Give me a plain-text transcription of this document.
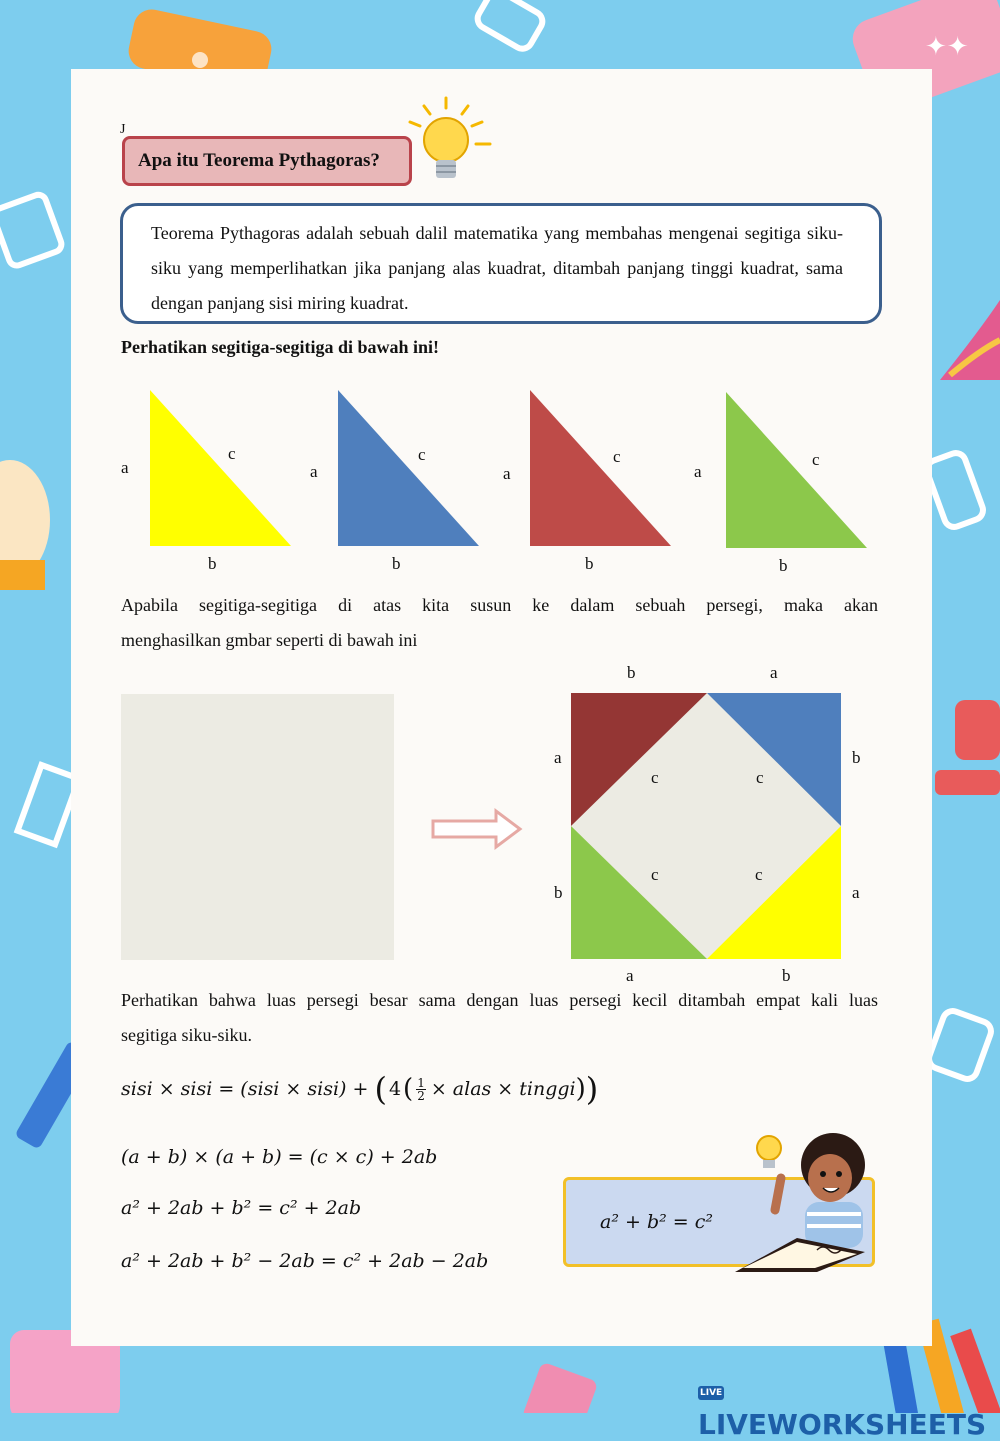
✦✦
J
Apa itu Teorema Pythagoras?
Teorema Pythagoras adalah sebuah dalil matematika yang membahas mengenai segitiga siku-siku yang memperlihatkan jika panjang alas kuadrat, ditambah panjang tinggi kuadrat, sama dengan panjang sisi miring kuadrat.
Perhatikan segitiga-segitiga di bawah ini!
a
c
b
a
c
b
a
c
b
a
c
b
Apabila segitiga-segitiga di atas kita susun ke dalam sebuah persegi, maka akan
menghasilkan gmbar seperti di bawah ini
b	a
a
b
b
a
a	b
c	c
c	c
Perhatikan bahwa luas persegi besar sama dengan luas persegi kecil ditambah empat kali luas
segitiga siku-siku.
sisi × sisi = (sisi × sisi) + ( 4 ( $\frac{1}{2}$ × alas × tinggi ) )
(a + b) × (a + b) = (c × c) + 2ab
a² + 2ab + b² = c² + 2ab
a² + 2ab + b² − 2ab = c² + 2ab − 2ab
a² + b² = c²
LIVELIVEWORKSHEETS
